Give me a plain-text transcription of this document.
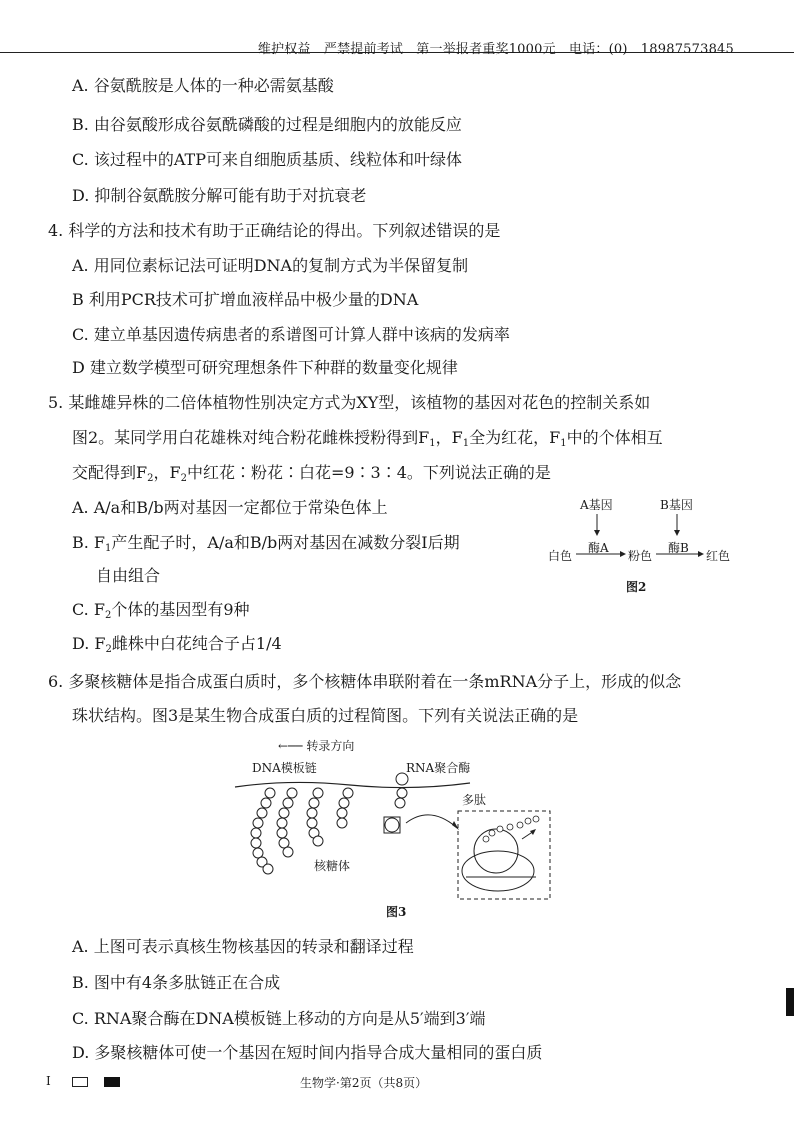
维护权益　严禁提前考试　第一举报者重奖1000元　电话：(0)　18987573845
A. 谷氨酰胺是人体的一种必需氨基酸
B. 由谷氨酸形成谷氨酰磷酸的过程是细胞内的放能反应
C. 该过程中的ATP可来自细胞质基质、线粒体和叶绿体
D. 抑制谷氨酰胺分解可能有助于对抗衰老
4. 科学的方法和技术有助于正确结论的得出。下列叙述错误的是
A. 用同位素标记法可证明DNA的复制方式为半保留复制
B 利用PCR技术可扩增血液样品中极少量的DNA
C. 建立单基因遗传病患者的系谱图可计算人群中该病的发病率
D 建立数学模型可研究理想条件下种群的数量变化规律
5. 某雌雄异株的二倍体植物性别决定方式为XY型，该植物的基因对花色的控制关系如
图2。某同学用白花雄株对纯合粉花雌株授粉得到$F_1$，$F_1$全为红花，$F_1$中的个体相互
交配得到$F_2$，$F_2$中红花∶粉花∶白花=9∶3∶4。下列说法正确的是
A. A/a和B/b两对基因一定都位于常染色体上
B. $F_1$产生配子时，A/a和B/b两对基因在减数分裂Ⅰ后期
自由组合
C. $F_2$个体的基因型有9种
D. $F_2$雌株中白花纯合子占1/4
A基因	B基因
酶A	酶B
白色	粉色	红色
图2
6. 多聚核糖体是指合成蛋白质时，多个核糖体串联附着在一条mRNA分子上，形成的似念
珠状结构。图3是某生物合成蛋白质的过程简图。下列有关说法正确的是
←── 转录方向
DNA模板链	RNA聚合酶
多肽
核糖体
图3
A. 上图可表示真核生物核基因的转录和翻译过程
B. 图中有4条多肽链正在合成
C. RNA聚合酶在DNA模板链上移动的方向是从5′端到3′端
D. 多聚核糖体可使一个基因在短时间内指导合成大量相同的蛋白质
I	生物学·第2页（共8页）
